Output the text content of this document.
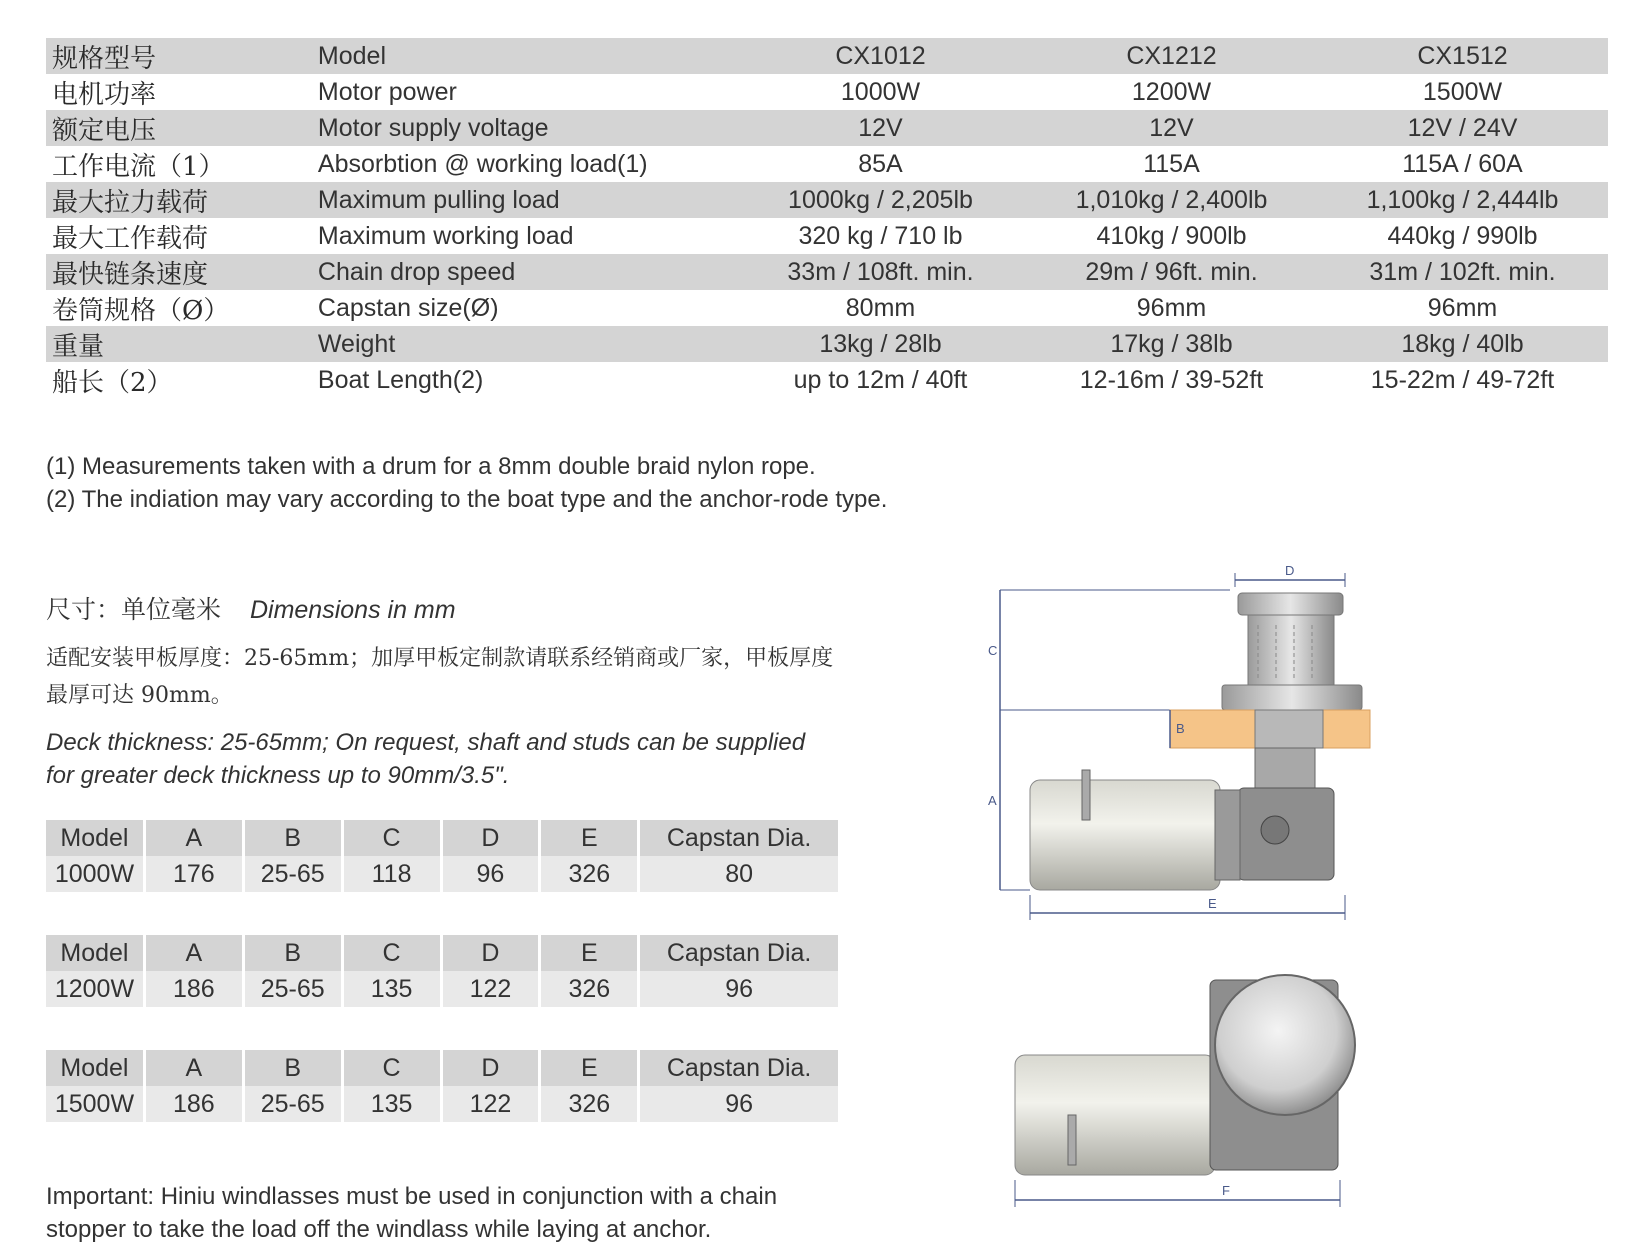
规格型号	Model	CX1012	CX1212	CX1512
电机功率	Motor power	1000W	1200W	1500W
额定电压	Motor supply voltage	12V	12V	12V / 24V
工作电流（1）	Absorbtion @ working load(1)	85A	115A	115A / 60A
最大拉力载荷	Maximum pulling load	1000kg / 2,205lb	1,010kg / 2,400lb	1,100kg / 2,444lb
最大工作载荷	Maximum working load	320 kg / 710 lb	410kg / 900lb	440kg / 990lb
最快链条速度	Chain drop speed	33m / 108ft. min.	29m / 96ft. min.	31m / 102ft. min.
卷筒规格（Ø）	Capstan size(Ø)	80mm	96mm	96mm
重量	Weight	13kg / 28lb	17kg / 38lb	18kg / 40lb
船长（2）	Boat Length(2)	up to 12m / 40ft	12-16m / 39-52ft	15-22m / 49-72ft
(1) Measurements taken with a drum for a 8mm double braid nylon rope.
(2) The indiation may vary according to the boat type and the anchor-rode type.
尺寸：单位毫米 Dimensions in mm
适配安装甲板厚度：25-65mm；加厚甲板定制款请联系经销商或厂家，甲板厚度最厚可达 90mm。
Deck thickness: 25-65mm; On request, shaft and studs can be supplied
for greater deck thickness up to 90mm/3.5".
Model	A	B	C	D	E	Capstan Dia.
1000W	176	25-65	118	96	326	80
Model	A	B	C	D	E	Capstan Dia.
1200W	186	25-65	135	122	326	96
Model	A	B	C	D	E	Capstan Dia.
1500W	186	25-65	135	122	326	96
Important: Hiniu windlasses must be used in conjunction with a chain
stopper to take the load off the windlass while laying at anchor.
C
A
D
B
E
F
